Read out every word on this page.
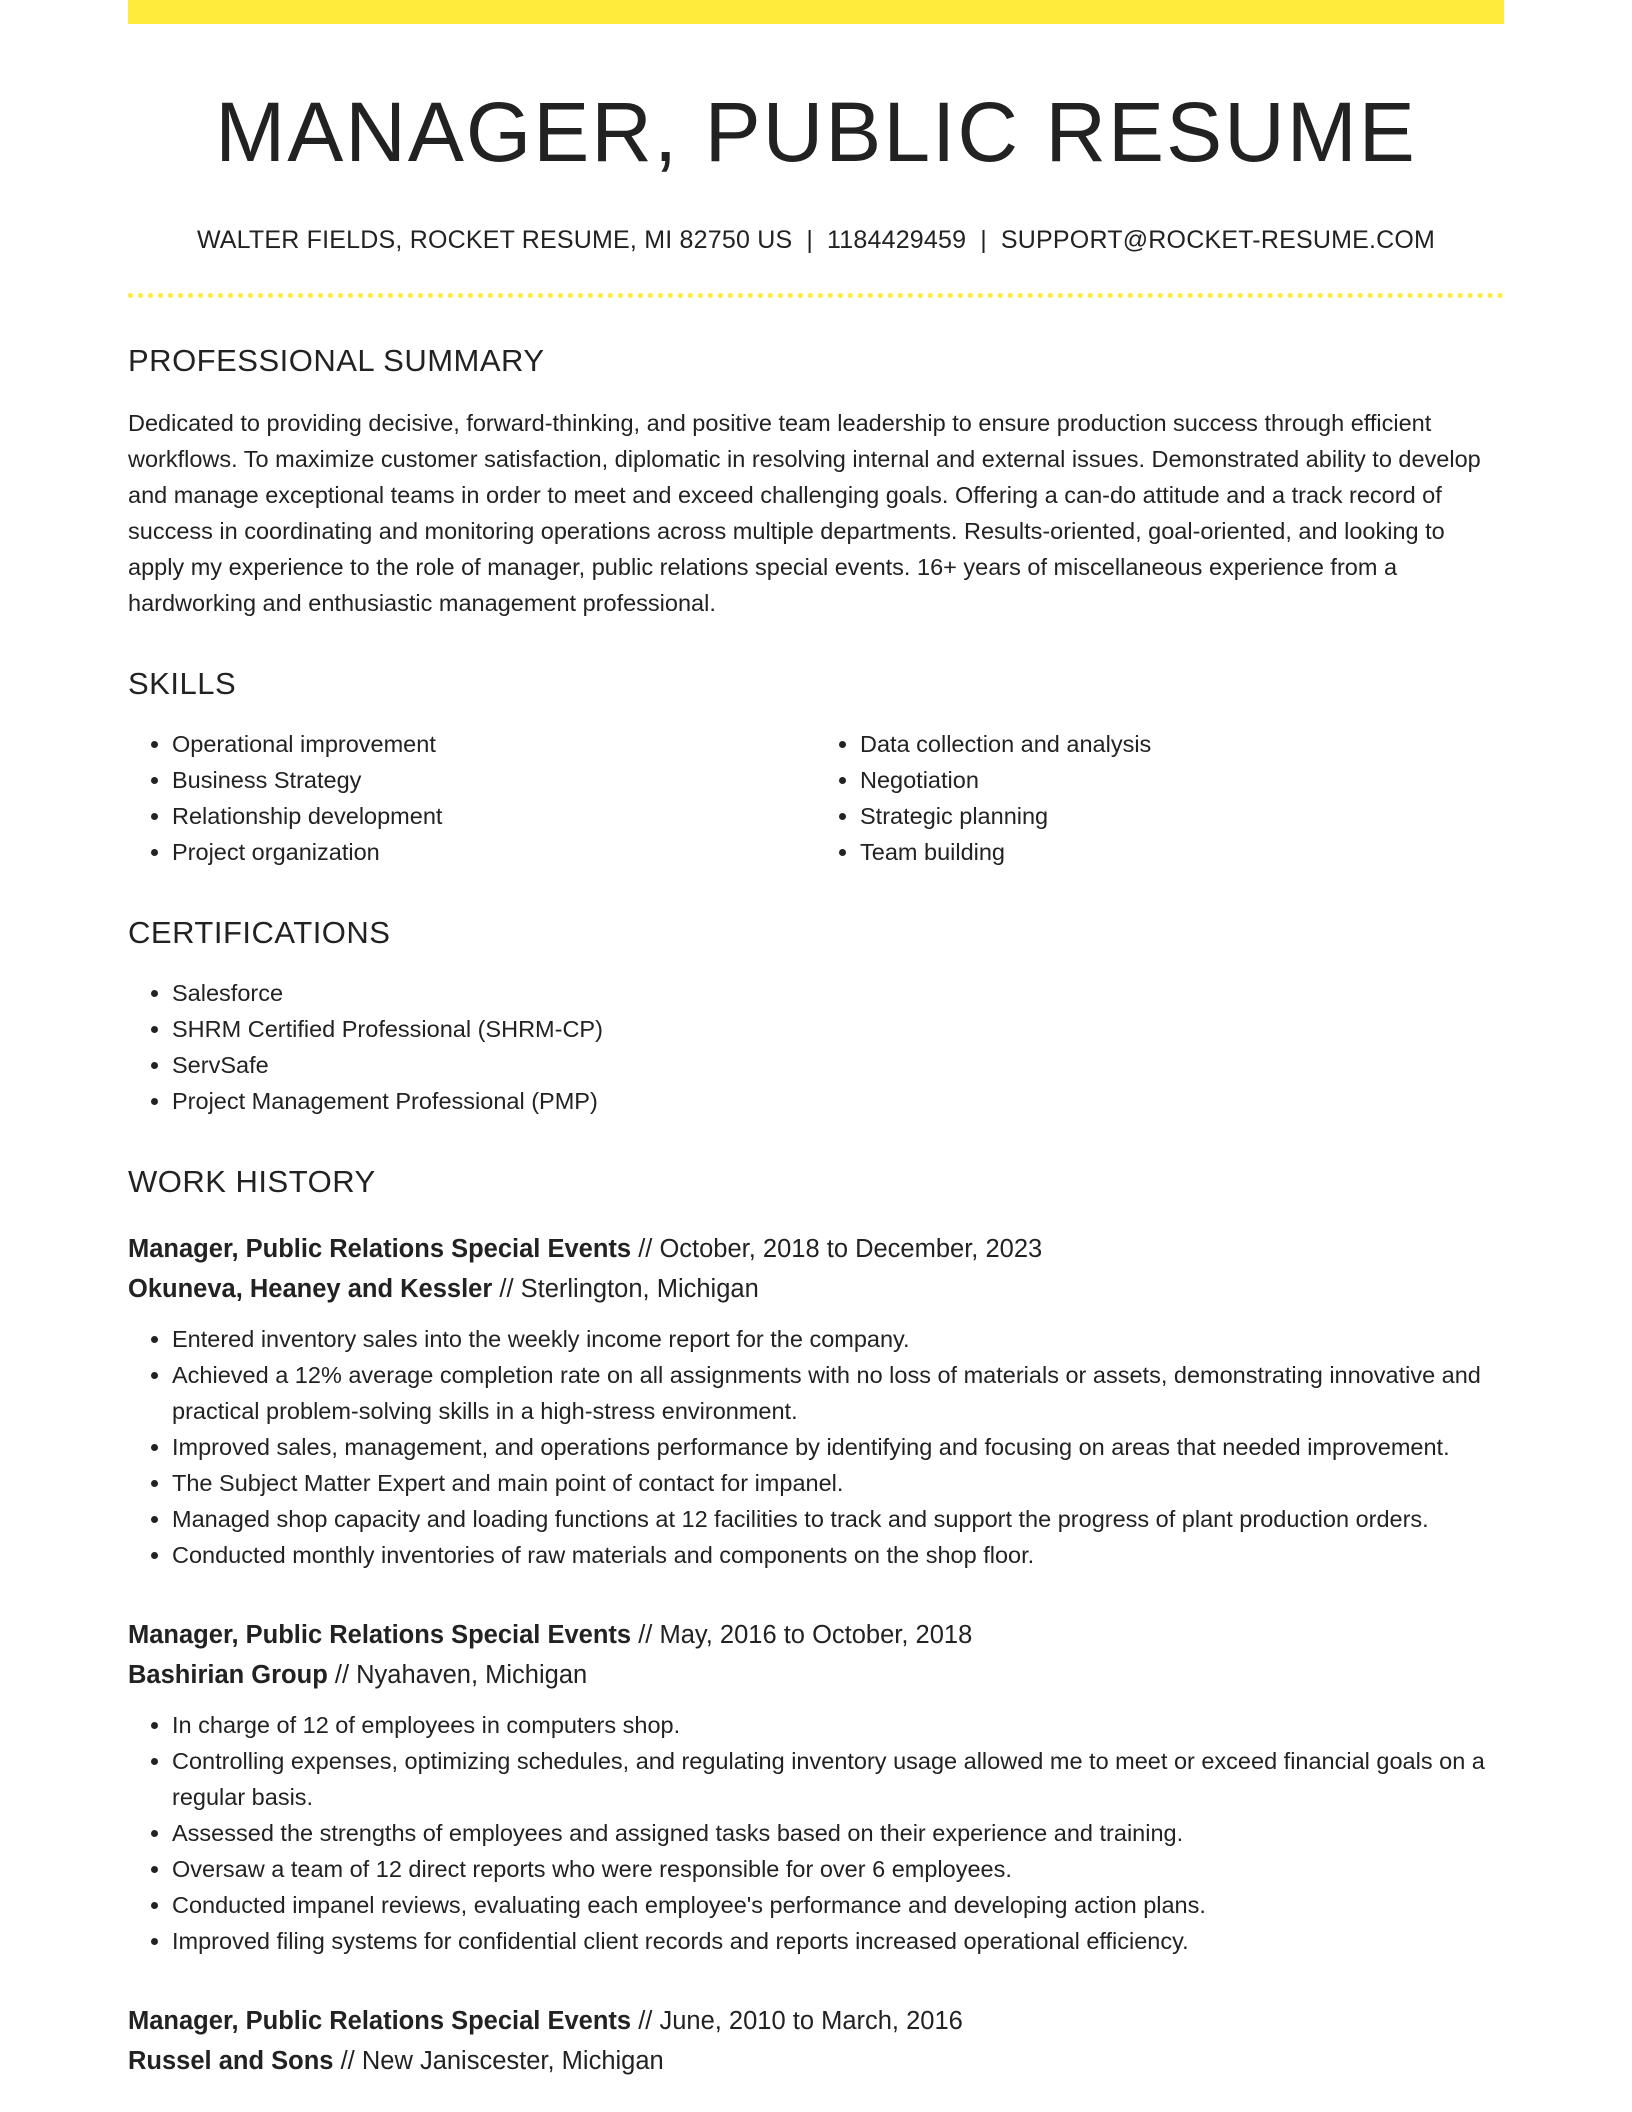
MANAGER, PUBLIC RESUME
WALTER FIELDS, ROCKET RESUME, MI 82750 US | 1184429459 | SUPPORT@ROCKET-RESUME.COM
PROFESSIONAL SUMMARY

Dedicated to providing decisive, forward-thinking, and positive team leadership to ensure production success through efficient workflows. To maximize customer satisfaction, diplomatic in resolving internal and external issues. Demonstrated ability to develop and manage exceptional teams in order to meet and exceed challenging goals. Offering a can-do attitude and a track record of success in coordinating and monitoring operations across multiple departments. Results-oriented, goal-oriented, and looking to apply my experience to the role of manager, public relations special events. 16+ years of miscellaneous experience from a hardworking and enthusiastic management professional.

SKILLS
• Operational improvement
• Business Strategy
• Relationship development
• Project organization
• Data collection and analysis
• Negotiation
• Strategic planning
• Team building
CERTIFICATIONS
• Salesforce
• SHRM Certified Professional (SHRM-CP)
• ServSafe
• Project Management Professional (PMP)
WORK HISTORY
Manager, Public Relations Special Events // October, 2018 to December, 2023
Okuneva, Heaney and Kessler // Sterlington, Michigan
• Entered inventory sales into the weekly income report for the company.
• Achieved a 12% average completion rate on all assignments with no loss of materials or assets, demonstrating innovative and practical problem-solving skills in a high-stress environment.
• Improved sales, management, and operations performance by identifying and focusing on areas that needed improvement.
• The Subject Matter Expert and main point of contact for impanel.
• Managed shop capacity and loading functions at 12 facilities to track and support the progress of plant production orders.
• Conducted monthly inventories of raw materials and components on the shop floor.
Manager, Public Relations Special Events // May, 2016 to October, 2018
Bashirian Group // Nyahaven, Michigan
• In charge of 12 of employees in computers shop.
• Controlling expenses, optimizing schedules, and regulating inventory usage allowed me to meet or exceed financial goals on a regular basis.
• Assessed the strengths of employees and assigned tasks based on their experience and training.
• Oversaw a team of 12 direct reports who were responsible for over 6 employees.
• Conducted impanel reviews, evaluating each employee's performance and developing action plans.
• Improved filing systems for confidential client records and reports increased operational efficiency.
Manager, Public Relations Special Events // June, 2010 to March, 2016
Russel and Sons // New Janiscester, Michigan
